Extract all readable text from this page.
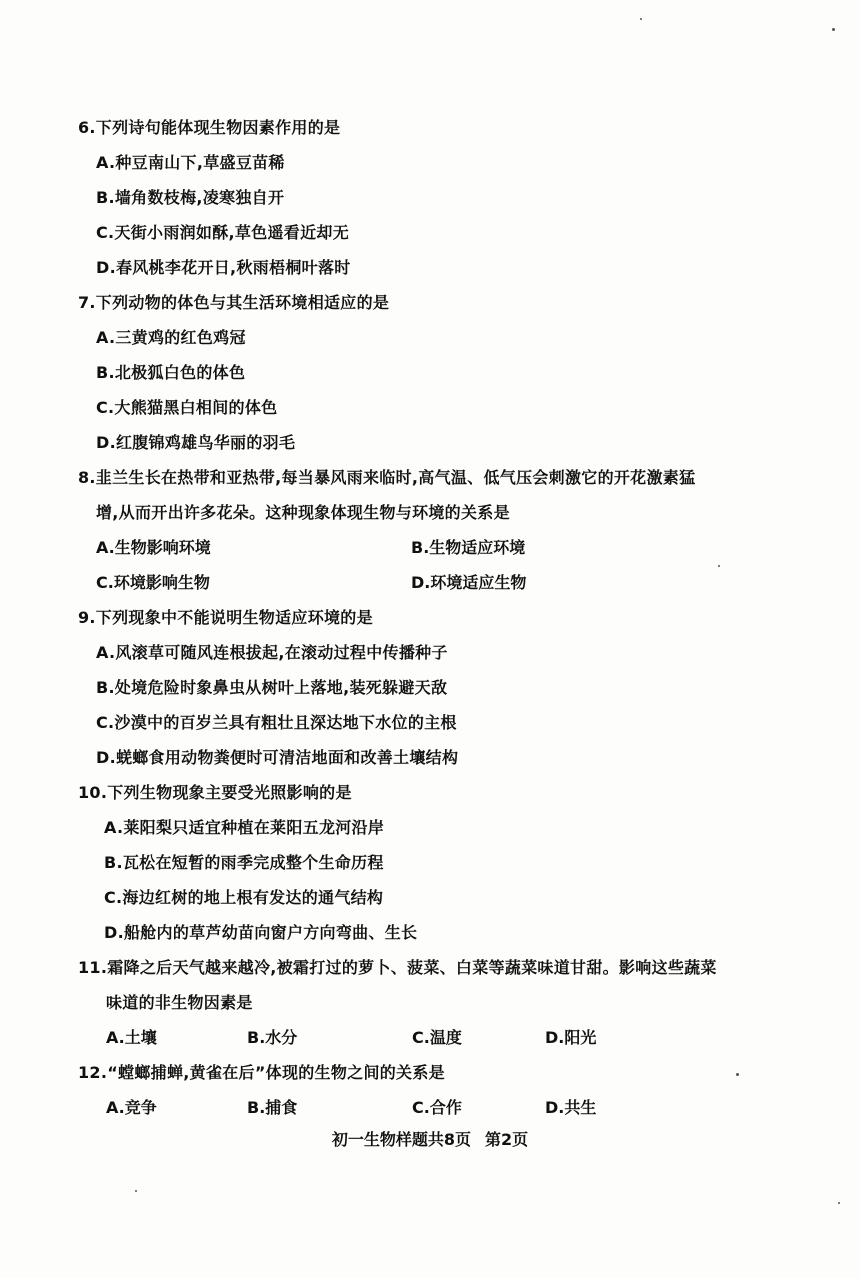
6.下列诗句能体现生物因素作用的是
A.种豆南山下,草盛豆苗稀
B.墙角数枝梅,凌寒独自开
C.天街小雨润如酥,草色遥看近却无
D.春风桃李花开日,秋雨梧桐叶落时
7.下列动物的体色与其生活环境相适应的是
A.三黄鸡的红色鸡冠
B.北极狐白色的体色
C.大熊猫黑白相间的体色
D.红腹锦鸡雄鸟华丽的羽毛
8.韭兰生长在热带和亚热带,每当暴风雨来临时,高气温、低气压会刺激它的开花激素猛
增,从而开出许多花朵。这种现象体现生物与环境的关系是
A.生物影响环境	B.生物适应环境
C.环境影响生物	D.环境适应生物
9.下列现象中不能说明生物适应环境的是
A.风滚草可随风连根拔起,在滚动过程中传播种子
B.处境危险时象鼻虫从树叶上落地,装死躲避天敌
C.沙漠中的百岁兰具有粗壮且深达地下水位的主根
D.蜣螂食用动物粪便时可清洁地面和改善土壤结构
10.下列生物现象主要受光照影响的是
A.莱阳梨只适宜种植在莱阳五龙河沿岸
B.瓦松在短暂的雨季完成整个生命历程
C.海边红树的地上根有发达的通气结构
D.船舱内的草芦幼苗向窗户方向弯曲、生长
11.霜降之后天气越来越冷,被霜打过的萝卜、菠菜、白菜等蔬菜味道甘甜。影响这些蔬菜
味道的非生物因素是
A.土壤	B.水分	C.温度	D.阳光
12.“螳螂捕蝉,黄雀在后”体现的生物之间的关系是
A.竞争	B.捕食	C.合作	D.共生
初一生物样题共8页 第2页
